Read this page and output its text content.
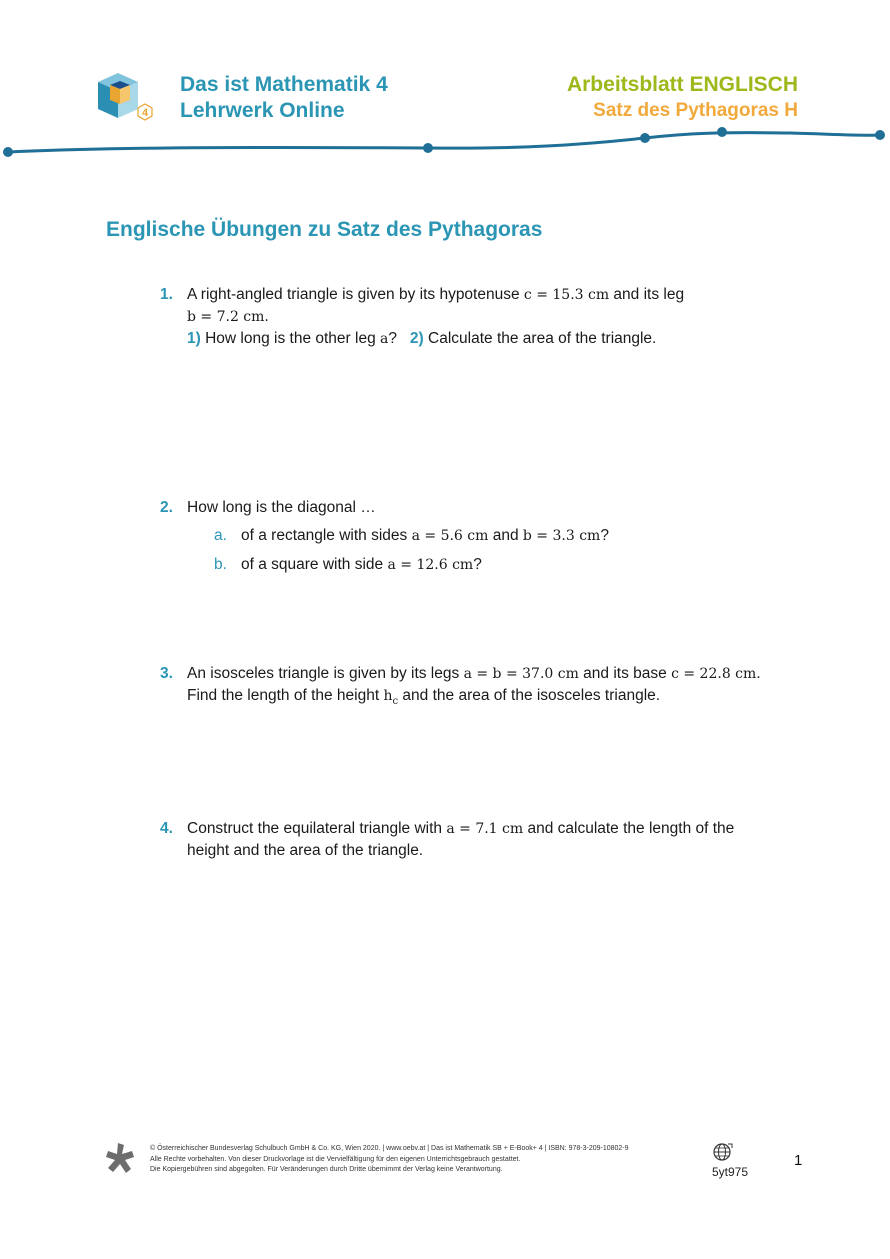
4
Das ist Mathematik 4
Lehrwerk Online
Arbeitsblatt ENGLISCH
Satz des Pythagoras H
Englische Übungen zu Satz des Pythagoras
1. A right-angled triangle is given by its hypotenuse c = 15.3 cm and its leg
b = 7.2 cm.
1) How long is the other leg a? 2) Calculate the area of the triangle.
2. How long is the diagonal …
a. of a rectangle with sides a = 5.6 cm and b = 3.3 cm?
b. of a square with side a = 12.6 cm?
3. An isosceles triangle is given by its legs a = b = 37.0 cm and its base c = 22.8 cm.
Find the length of the height $h_c$ and the area of the isosceles triangle.
4. Construct the equilateral triangle with a = 7.1 cm and calculate the length of the
height and the area of the triangle.
© Österreichischer Bundesverlag Schulbuch GmbH & Co. KG, Wien 2020. | www.oebv.at | Das ist Mathematik SB + E-Book+ 4 | ISBN: 978-3-209-10802-9
Alle Rechte vorbehalten. Von dieser Druckvorlage ist die Vervielfältigung für den eigenen Unterrichtsgebrauch gestattet.
Die Kopiergebühren sind abgegolten. Für Veränderungen durch Dritte übernimmt der Verlag keine Verantwortung.	5yt975
1
